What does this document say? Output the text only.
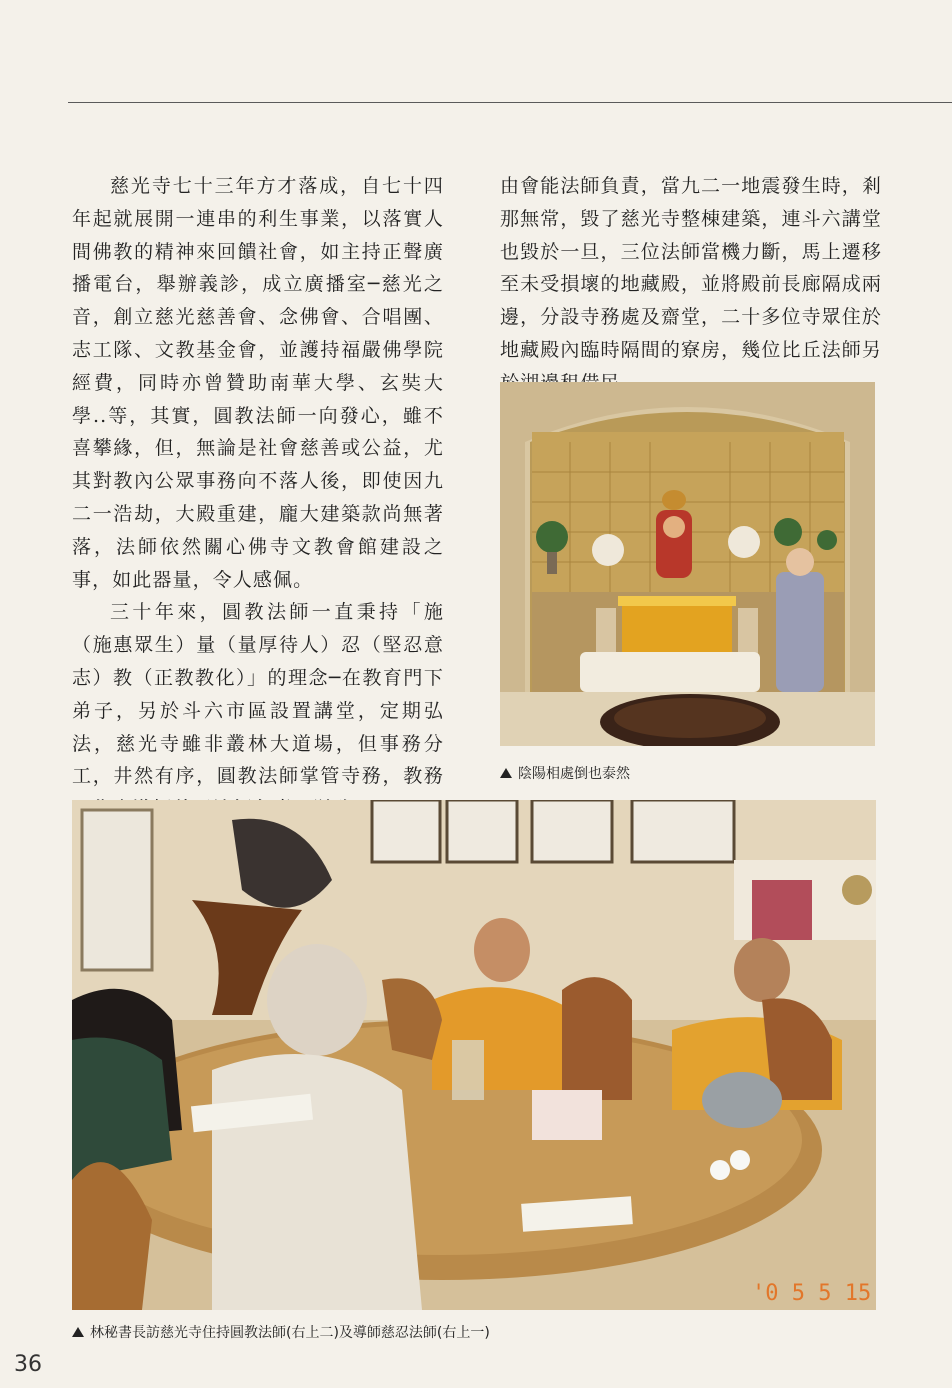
慈光寺七十三年方才落成，自七十四年起就展開一連串的利生事業，以落實人間佛教的精神來回饋社會，如主持正聲廣播電台，舉辦義診，成立廣播室─慈光之音，創立慈光慈善會、念佛會、合唱團、志工隊、文教基金會，並護持福嚴佛學院經費，同時亦曾贊助南華大學、玄奘大學..等，其實，圓教法師一向發心，雖不喜攀緣，但，無論是社會慈善或公益，尤其對教內公眾事務向不落人後，即使因九二一浩劫，大殿重建，龐大建築款尚無著落，法師依然關心佛寺文教會館建設之事，如此器量，令人感佩。

三十年來，圓教法師一直秉持「施（施惠眾生）量（量厚待人）忍（堅忍意志）教（正教教化）」的理念─在教育門下弟子，另於斗六市區設置講堂，定期弘法，慈光寺雖非叢林大道場，但事務分工，井然有序，圓教法師掌管寺務，教務

由會能法師負責，當九二一地震發生時，剎那無常，毀了慈光寺整棟建築，連斗六講堂也毀於一旦，三位法師當機力斷，馬上遷移至未受損壞的地藏殿，並將殿前長廊隔成兩邊，分設寺務處及齋堂，二十多位寺眾住於地藏殿內臨時隔間的寮房，幾位比丘法師另

陰陽相處倒也泰然
'0 5 5 15
林秘書長訪慈光寺住持圓教法師(右上二)及導師慈忍法師(右上一)
36
